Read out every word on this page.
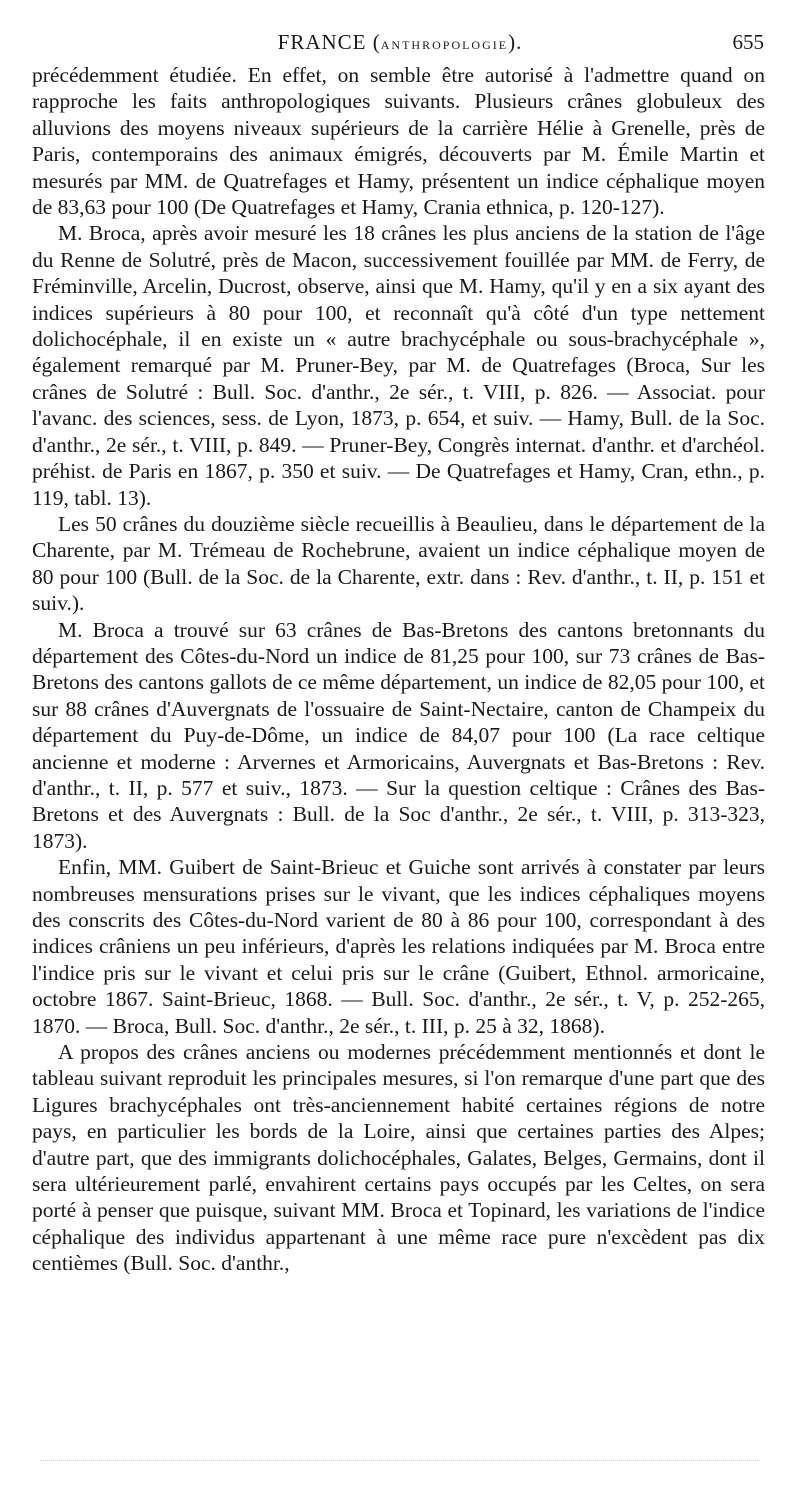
FRANCE (anthropologie).	655

précédemment étudiée. En effet, on semble être autorisé à l'admettre quand on rapproche les faits anthropologiques suivants. Plusieurs crânes globuleux des alluvions des moyens niveaux supérieurs de la carrière Hélie à Grenelle, près de Paris, contemporains des animaux émigrés, découverts par M. Émile Martin et mesurés par MM. de Quatrefages et Hamy, présentent un indice céphalique moyen de 83,63 pour 100 (De Quatrefages et Hamy, Crania ethnica, p. 120-127).

M. Broca, après avoir mesuré les 18 crânes les plus anciens de la station de l'âge du Renne de Solutré, près de Macon, successivement fouillée par MM. de Ferry, de Fréminville, Arcelin, Ducrost, observe, ainsi que M. Hamy, qu'il y en a six ayant des indices supérieurs à 80 pour 100, et reconnaît qu'à côté d'un type nettement dolichocéphale, il en existe un « autre brachycéphale ou sous-brachycéphale », également remarqué par M. Pruner-Bey, par M. de Quatrefages (Broca, Sur les crânes de Solutré : Bull. Soc. d'anthr., 2e sér., t. VIII, p. 826. — Associat. pour l'avanc. des sciences, sess. de Lyon, 1873, p. 654, et suiv. — Hamy, Bull. de la Soc. d'anthr., 2e sér., t. VIII, p. 849. — Pruner-Bey, Congrès internat. d'anthr. et d'archéol. préhist. de Paris en 1867, p. 350 et suiv. — De Quatrefages et Hamy, Cran, ethn., p. 119, tabl. 13).

Les 50 crânes du douzième siècle recueillis à Beaulieu, dans le département de la Charente, par M. Trémeau de Rochebrune, avaient un indice céphalique moyen de 80 pour 100 (Bull. de la Soc. de la Charente, extr. dans : Rev. d'anthr., t. II, p. 151 et suiv.).

M. Broca a trouvé sur 63 crânes de Bas-Bretons des cantons bretonnants du département des Côtes-du-Nord un indice de 81,25 pour 100, sur 73 crânes de Bas-Bretons des cantons gallots de ce même département, un indice de 82,05 pour 100, et sur 88 crânes d'Auvergnats de l'ossuaire de Saint-Nectaire, canton de Champeix du département du Puy-de-Dôme, un indice de 84,07 pour 100 (La race celtique ancienne et moderne : Arvernes et Armoricains, Auvergnats et Bas-Bretons : Rev. d'anthr., t. II, p. 577 et suiv., 1873. — Sur la question celtique : Crânes des Bas-Bretons et des Auvergnats : Bull. de la Soc d'anthr., 2e sér., t. VIII, p. 313-323, 1873).

Enfin, MM. Guibert de Saint-Brieuc et Guiche sont arrivés à constater par leurs nombreuses mensurations prises sur le vivant, que les indices céphaliques moyens des conscrits des Côtes-du-Nord varient de 80 à 86 pour 100, correspondant à des indices crâniens un peu inférieurs, d'après les relations indiquées par M. Broca entre l'indice pris sur le vivant et celui pris sur le crâne (Guibert, Ethnol. armoricaine, octobre 1867. Saint-Brieuc, 1868. — Bull. Soc. d'anthr., 2e sér., t. V, p. 252-265, 1870. — Broca, Bull. Soc. d'anthr., 2e sér., t. III, p. 25 à 32, 1868).

A propos des crânes anciens ou modernes précédemment mentionnés et dont le tableau suivant reproduit les principales mesures, si l'on remarque d'une part que des Ligures brachycéphales ont très-anciennement habité certaines régions de notre pays, en particulier les bords de la Loire, ainsi que certaines parties des Alpes; d'autre part, que des immigrants dolichocéphales, Galates, Belges, Germains, dont il sera ultérieurement parlé, envahirent certains pays occupés par les Celtes, on sera porté à penser que puisque, suivant MM. Broca et Topinard, les variations de l'indice céphalique des individus appartenant à une même race pure n'excèdent pas dix centièmes (Bull. Soc. d'anthr.,
